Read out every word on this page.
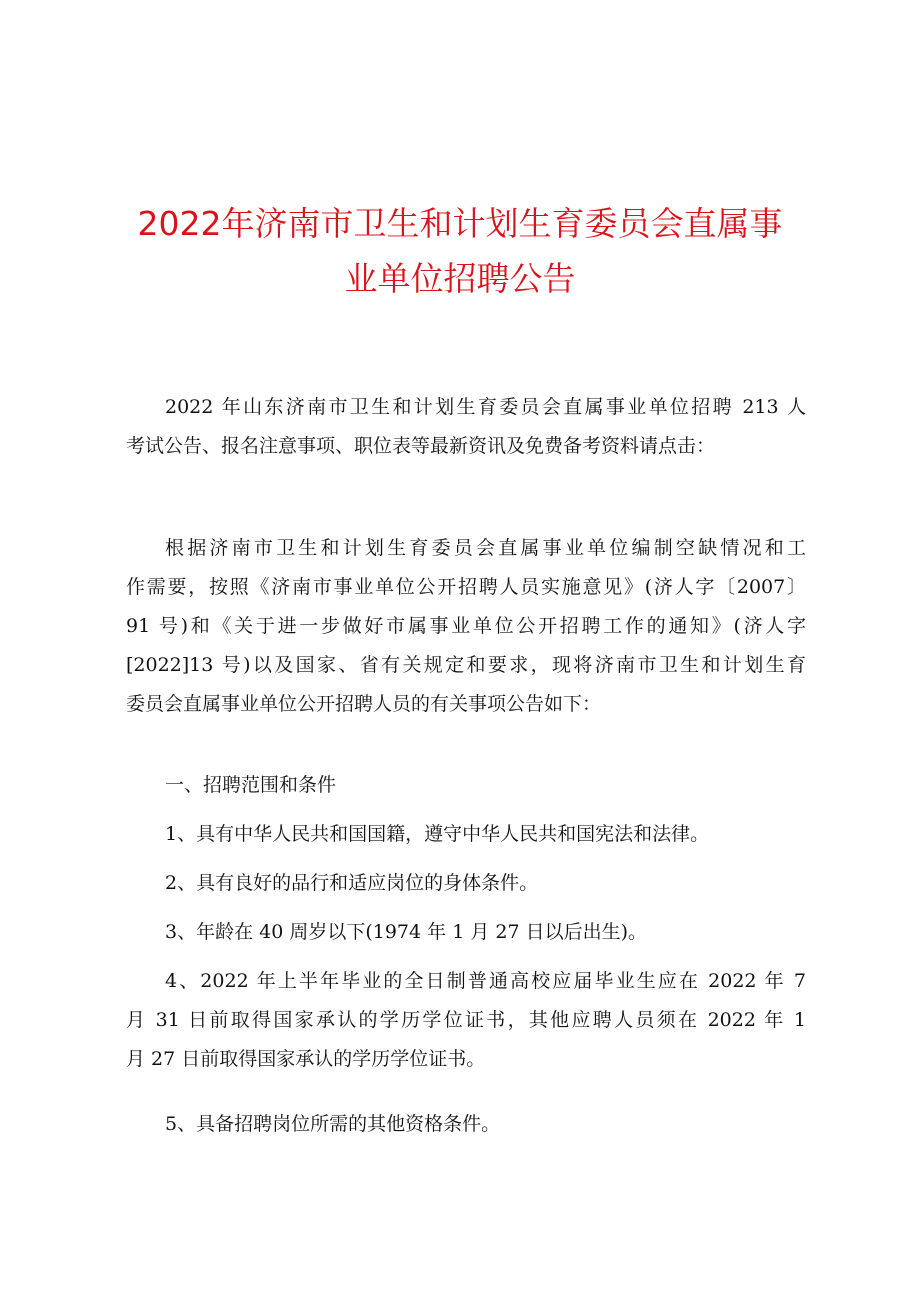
2022年济南市卫生和计划生育委员会直属事
业单位招聘公告
2022 年山东济南市卫生和计划生育委员会直属事业单位招聘 213 人
考试公告、报名注意事项、职位表等最新资讯及免费备考资料请点击：
根据济南市卫生和计划生育委员会直属事业单位编制空缺情况和工
作需要，按照《济南市事业单位公开招聘人员实施意见》(济人字〔2007〕
91 号)和《关于进一步做好市属事业单位公开招聘工作的通知》(济人字
[2022]13 号)以及国家、省有关规定和要求，现将济南市卫生和计划生育
委员会直属事业单位公开招聘人员的有关事项公告如下：
一、招聘范围和条件
1、具有中华人民共和国国籍，遵守中华人民共和国宪法和法律。
2、具有良好的品行和适应岗位的身体条件。
3、年龄在 40 周岁以下(1974 年 1 月 27 日以后出生)。
4、2022 年上半年毕业的全日制普通高校应届毕业生应在 2022 年 7
月 31 日前取得国家承认的学历学位证书，其他应聘人员须在 2022 年 1
月 27 日前取得国家承认的学历学位证书。
5、具备招聘岗位所需的其他资格条件。
